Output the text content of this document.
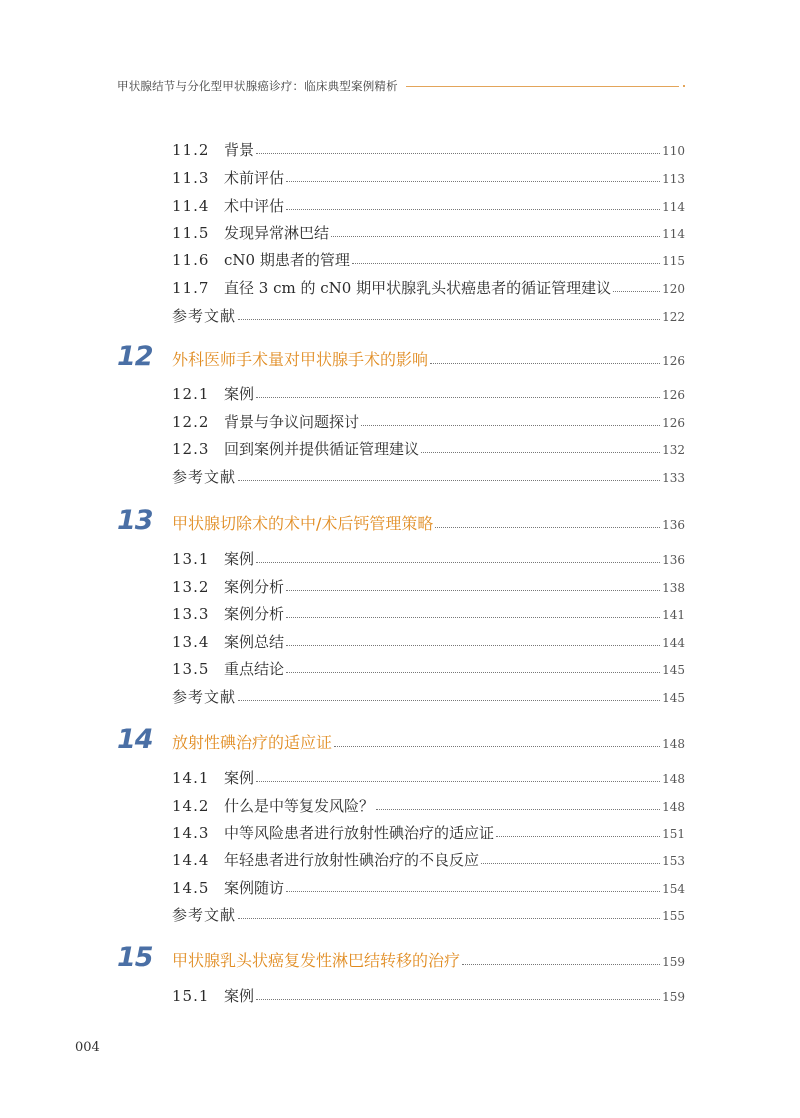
甲状腺结节与分化型甲状腺癌诊疗：临床典型案例精析
11.2 背景	110
11.3 术前评估	113
11.4 术中评估	114
11.5 发现异常淋巴结	114
11.6 cN0 期患者的管理	115
11.7 直径 3 cm 的 cN0 期甲状腺乳头状癌患者的循证管理建议	120
参考文献	122
12	外科医师手术量对甲状腺手术的影响	126
12.1 案例	126
12.2 背景与争议问题探讨	126
12.3 回到案例并提供循证管理建议	132
参考文献	133
13	甲状腺切除术的术中/术后钙管理策略	136
13.1 案例	136
13.2 案例分析	138
13.3 案例分析	141
13.4 案例总结	144
13.5 重点结论	145
参考文献	145
14	放射性碘治疗的适应证	148
14.1 案例	148
14.2 什么是中等复发风险？	148
14.3 中等风险患者进行放射性碘治疗的适应证	151
14.4 年轻患者进行放射性碘治疗的不良反应	153
14.5 案例随访	154
参考文献	155
15	甲状腺乳头状癌复发性淋巴结转移的治疗	159
15.1 案例	159
004
